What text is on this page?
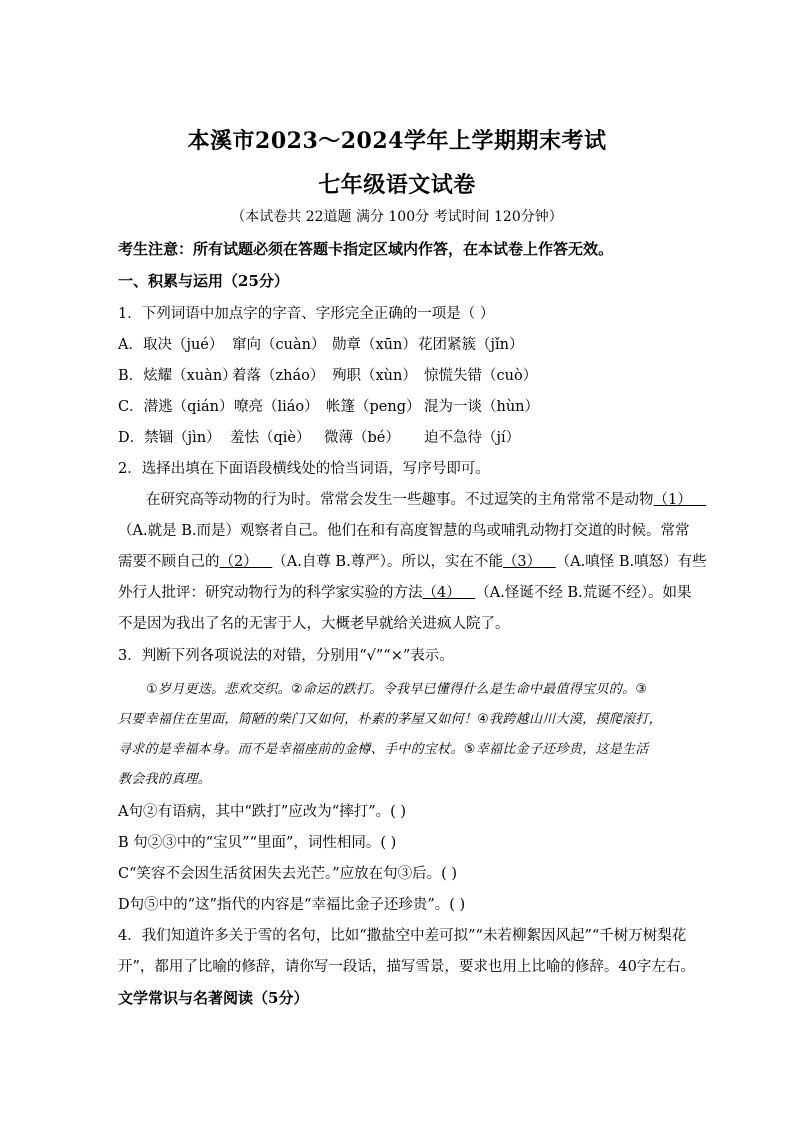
本溪市2023～2024学年上学期期末考试
七年级语文试卷
（本试卷共 22道题 满分 100分 考试时间 120分钟）
考生注意：所有试题必须在答题卡指定区域内作答，在本试卷上作答无效。
一、积累与运用（25分）
1．下列词语中加点字的字音、字形完全正确的一项是（ ）
A．取决（jué） 窜向（cuàn） 勋章（xūn）花团紧簇（jǐn）
B．炫耀（xuàn）着落（zháo） 殉职（xùn） 惊慌失错（cuò）
C．潜逃（qián）嘹亮（liáo） 帐篷（peng） 混为一谈（hùn）
D．禁锢（jìn） 羞怯（qiè） 微薄（bé） 迫不急待（jí）
2．选择出填在下面语段横线处的恰当词语，写序号即可。
在研究高等动物的行为时。常常会发生一些趣事。不过逗笑的主角常常不是动物（1） 
（A.就是 B.而是）观察者自己。他们在和有高度智慧的鸟或哺乳动物打交道的时候。常常
需要不顾自己的（2）  （A.自尊 B.尊严）。所以，实在不能（3）  （A.嗔怪 B.嗔怒）有些
外行人批评：研究动物行为的科学家实验的方法（4）  （A.怪诞不经 B.荒诞不经）。如果
不是因为我出了名的无害于人，大概老早就给关进疯人院了。
3．判断下列各项说法的对错，分别用“√”“×”表示。
①岁月更迭。悲欢交织。②命运的跌打。令我早已懂得什么是生命中最值得宝贝的。③
只要幸福住在里面，简陋的柴门又如何，朴素的茅屋又如何！④我跨越山川大漠，摸爬滚打，
寻求的是幸福本身。而不是幸福座前的金樽、手中的宝杖。⑤幸福比金子还珍贵，这是生活
教会我的真理。
A句②有语病，其中“跌打”应改为“摔打”。( )
B 句②③中的“宝贝”“里面”，词性相同。( )
C“笑容不会因生活贫困失去光芒。”应放在句③后。( )
D句⑤中的“这”指代的内容是“幸福比金子还珍贵”。( )
4．我们知道许多关于雪的名句，比如“撒盐空中差可拟”“未若柳絮因风起”“千树万树梨花
开”，都用了比喻的修辞，请你写一段话，描写雪景，要求也用上比喻的修辞。40字左右。
文学常识与名著阅读（5分）
